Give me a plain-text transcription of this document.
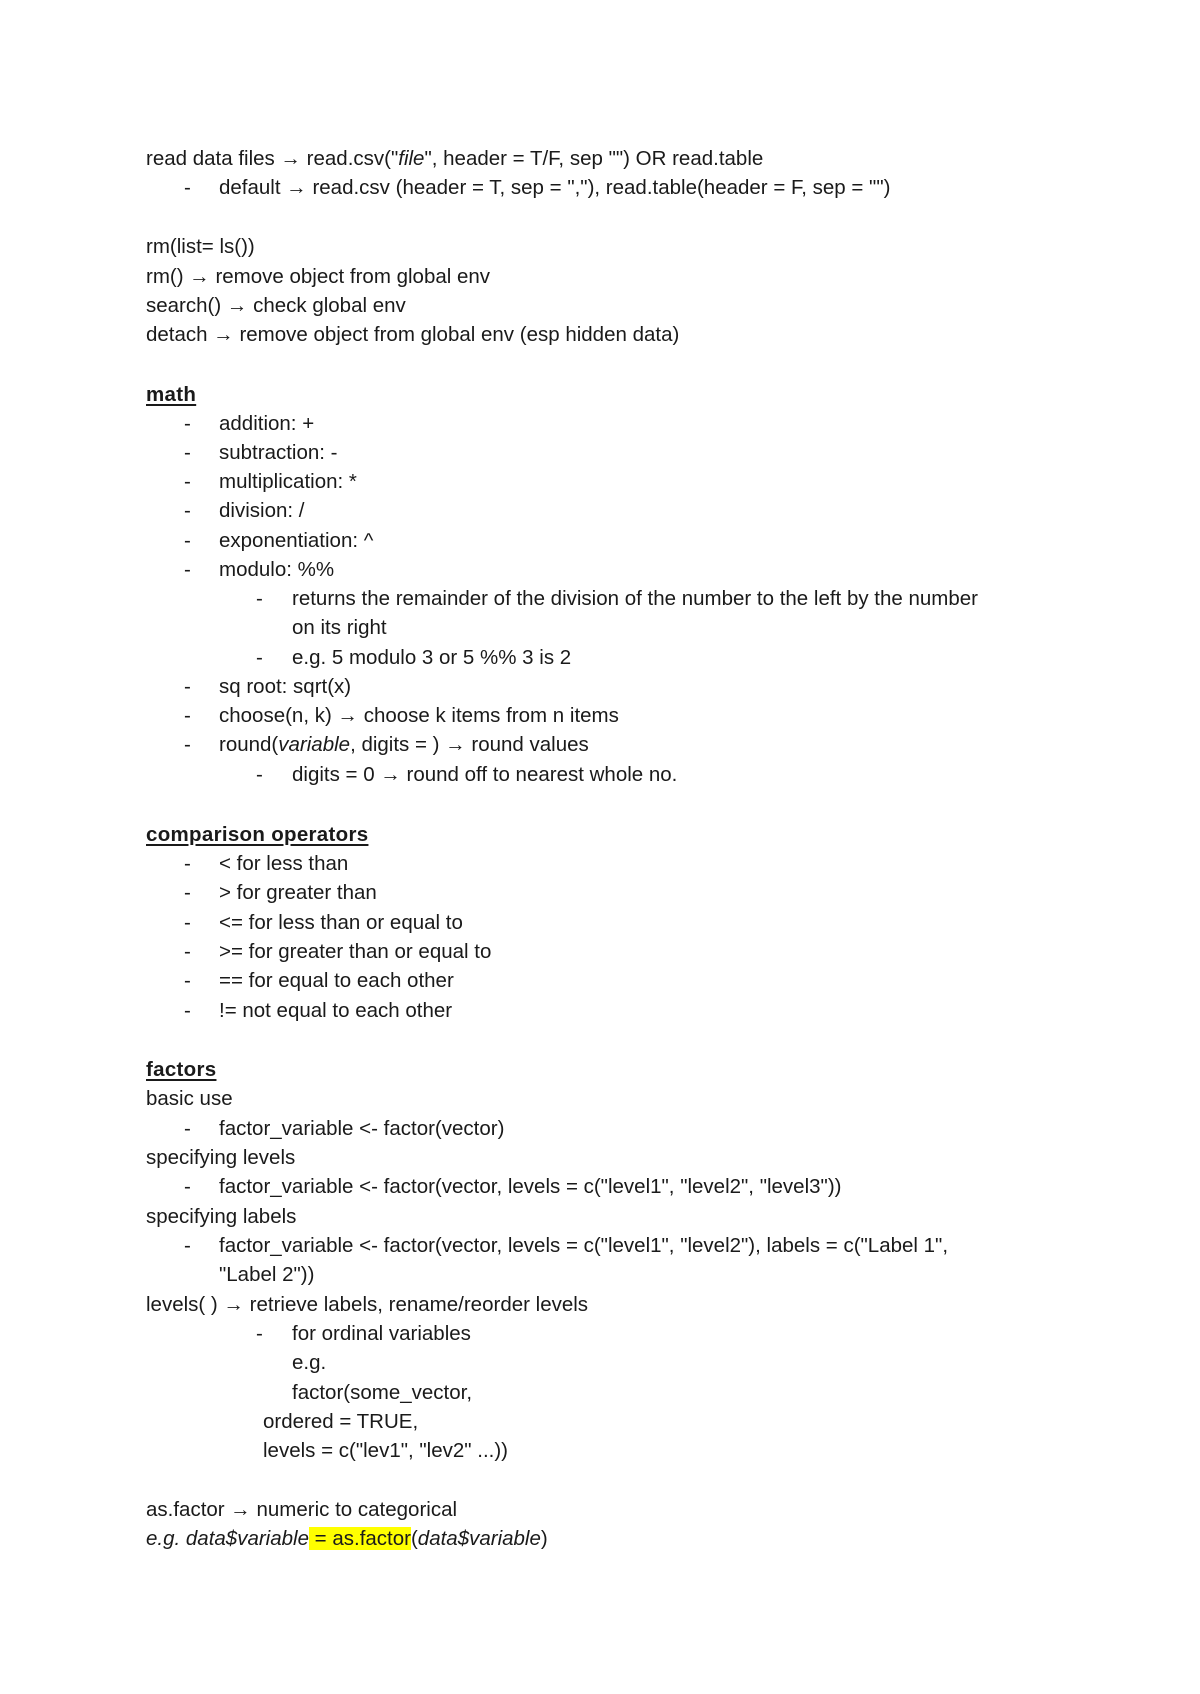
read data files → read.csv("file", header = T/F, sep "") OR read.table
- default → read.csv (header = T, sep = ","), read.table(header = F, sep = "")
rm(list= ls())
rm() → remove object from global env
search() → check global env
detach → remove object from global env (esp hidden data)
math
- addition: +
- subtraction: -
- multiplication: *
- division: /
- exponentiation: ^
- modulo: %%
- returns the remainder of the division of the number to the left by the number
on its right
- e.g. 5 modulo 3 or 5 %% 3 is 2
- sq root: sqrt(x)
- choose(n, k) → choose k items from n items
- round(variable, digits = ) → round values
- digits = 0 → round off to nearest whole no.
comparison operators
- < for less than
- > for greater than
- <= for less than or equal to
- >= for greater than or equal to
- == for equal to each other
- != not equal to each other
factors
basic use
- factor_variable <- factor(vector)
specifying levels
- factor_variable <- factor(vector, levels = c("level1", "level2", "level3"))
specifying labels
- factor_variable <- factor(vector, levels = c("level1", "level2"), labels = c("Label 1",
"Label 2"))
levels( ) → retrieve labels, rename/reorder levels
- for ordinal variables
e.g.
factor(some_vector,
ordered = TRUE,
levels = c("lev1", "lev2" ...))
as.factor → numeric to categorical
e.g. data$variable = as.factor(data$variable)
